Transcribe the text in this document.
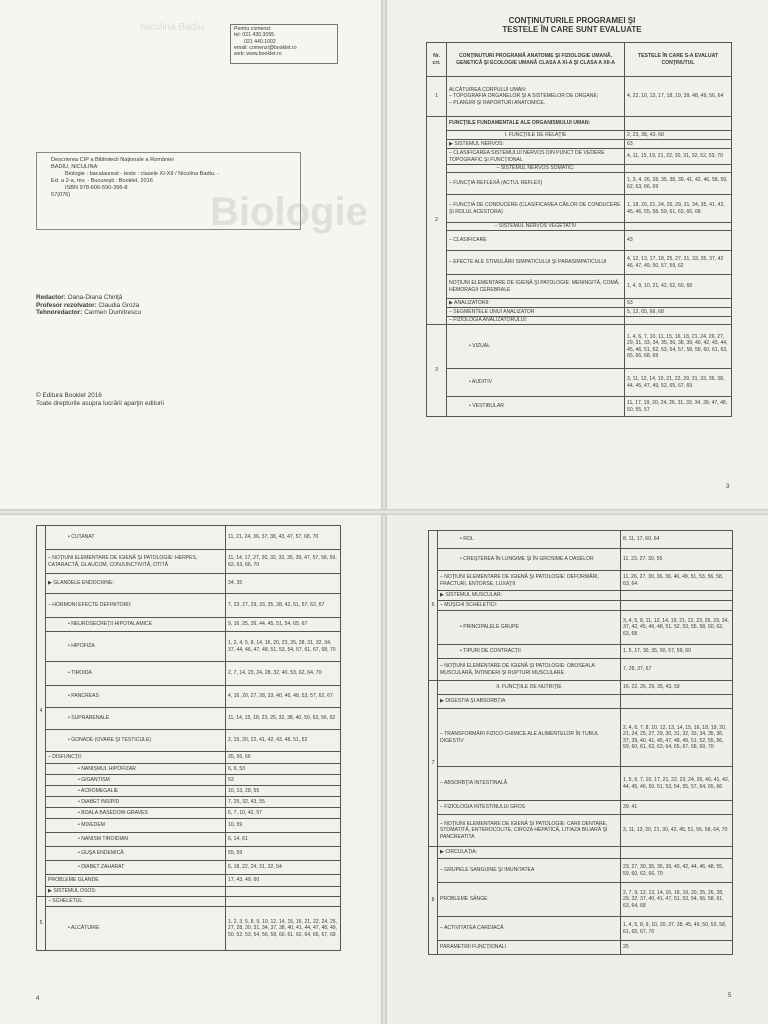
Biologie
Niculina Badiu	Pentru comenzi:
tel: 021 430.3095
021 440.1002
email: comenzi@booklet.ro
web: www.booklet.ro
Descrierea CIP a Bibliotecii Naţionale a României
BADIU, NICULINA
Biologie : bacalaureat - teste : clasele XI-XII / Niculina Badiu. -
Ed. a 2-a, rev. - Bucureşti : Booklet, 2016
ISBN 978-606-590-396-8
57(076)
Redactor: Oana-Diana Chiriţă
Profesor rezolvator: Claudia Groza
Tehnoredactor: Carmen Dumitrescu
© Editura Booklet 2016
Toate drepturile asupra lucrării aparţin editurii
CONŢINUTURILE PROGRAMEI ŞI
TESTELE ÎN CARE SUNT EVALUATE
Nr. crt.	CONŢINUTURI PROGRAMĂ ANATOMIE ŞI FIZIOLOGIE UMANĂ, GENETICĂ ŞI ECOLOGIE UMANĂ CLASA A XI-A ŞI CLASA A XII-A	TESTELE ÎN CARE S-A EVALUAT CONŢINUTUL
1	ALCĂTUIREA CORPULUI UMAN:
– TOPOGRAFIA ORGANELOR ŞI A SISTEMELOR DE ORGANE;
– PLANURI ŞI RAPORTURI ANATOMICE.	4, 22, 10, 13, 17, 18, 19, 39, 48, 49, 56, 64
2	FUNCŢIILE FUNDAMENTALE ALE ORGANISMULUI UMAN:	
	I. FUNCŢIILE DE RELAŢIE	2, 23, 38, 43, 68
	▶ SISTEMUL NERVOS:	63
	– CLASIFICAREA SISTEMULUI NERVOS DIN PUNCT DE VEDERE TOPOGRAFIC ŞI FUNCŢIONAL	4, 11, 15, 19, 21, 22, 30, 31, 32, 52, 53, 70
	– SISTEMUL NERVOS SOMATIC:	
	– FUNCŢIA REFLEXĂ (ACTUL REFLEX)	1, 3, 4, 26, 28, 35, 38, 39, 41, 42, 46, 58, 59, 62, 63, 66, 69
	– FUNCŢIA DE CONDUCERE (CLASIFICAREA CĂILOR DE CONDUCERE ŞI ROLUL ACESTORA)	1, 18, 20, 21, 24, 26, 29, 31, 34, 35, 41, 42, 45, 46, 55, 58, 59, 61, 63, 66, 68
	– SISTEMUL NERVOS VEGETATIV	
	– CLASIFICARE	43
	– EFECTE ALE STIMULĂRII SIMPATICULUI ŞI PARASIMPATICULUI	4, 12, 13, 17, 18, 25, 27, 31, 33, 35, 37, 42 46, 47, 49, 50, 57, 59, 62
	NOŢIUNI ELEMENTARE DE IGIENĂ ŞI PATOLOGIE: MENINGITĂ, COMĂ, HEMORAGII CEREBRALE	1, 4, 9, 10, 21, 42, 52, 60, 68
	▶ ANALIZATORII:	53
	– SEGMENTELE UNUI ANALIZATOR	5, 12, 65, 66, 68
	– FIZIOLOGIA ANALIZATORULUI:	
3	• VIZUAL	1, 4, 6, 7, 10, 11, 15, 16, 18, 21, 24, 26, 27, 29, 31, 33, 34, 35, 36, 38, 39, 40, 42, 43, 44, 45, 46, 51, 52, 53, 54, 57, 58, 59, 60, 61, 63, 65, 66, 68, 69
	• AUDITIV	3, 11, 12, 14, 19, 21, 22, 29, 31, 33, 36, 38, 44, 45, 47, 49, 52, 65, 67, 69
	• VESTIBULAR	11, 17, 19, 20, 24, 26, 31, 33, 34, 39, 47, 48, 50, 55, 57
3
4	• CUTANAT	11, 21, 24, 36, 37, 38, 43, 47, 57, 68, 70
	– NOŢIUNI ELEMENTARE DE IGIENĂ ŞI PATOLOGIE: HERPES, CATARACTĂ, GLAUCOM, CONJUNCTIVITĂ, OTITĂ	11, 14, 17, 27, 30, 32, 33, 35, 39, 47, 57, 58, 59, 62, 63, 66, 70
	▶ GLANDELE ENDOCRINE:	34, 35
	– HORMONI EFECTE DEFINITORII:	7, 23, 27, 29, 33, 35, 38, 42, 51, 57, 62, 67
	• NEUROSECREŢII HIPOTALAMICE	9, 16, 25, 39, 44, 45, 51, 54, 65, 67
	• HIPOFIZA	1, 2, 4, 5, 8, 14, 16, 20, 23, 25, 28, 31, 32, 34, 37, 44, 46, 47, 48, 51, 53, 54, 57, 61, 67, 68, 70
	• TIROIDA	2, 7, 14, 23, 24, 28, 32, 40, 53, 62, 64, 70
	• PANCREAS	4, 16, 20, 27, 28, 33, 40, 46, 48, 53, 57, 62, 67
	• SUPRARENALE	11, 14, 15, 18, 23, 25, 32, 38, 40, 50, 53, 56, 62
	• GONADE (OVARE ŞI TESTICULE)	2, 15, 20, 22, 41, 42, 43, 48, 51, 52
	– DISFUNCŢII:	35, 56, 66
	• NANISMUL HIPOFIZAR	6, 9, 53
	• GIGANTISM	53
	• ACROMEGALIE	10, 13, 28, 55
	• DIABET INSIPID	7, 25, 32, 43, 55
	• BOALA BASEDOW-GRAVES	6, 7, 10, 42, 57
	• MIXEDEM	10, 59
	• NANISM TIROIDIAN	6, 14, 61
	• GUŞA ENDEMICĂ	55, 59
	• DIABET ZAHARAT	6, 18, 22, 24, 31, 32, 54
	PROBLEME GLANDE	17, 43, 49, 60
	▶ SISTEMUL OSOS:	
5	– SCHELETUL:	
	• ALCĂTUIRE	1, 2, 3, 5, 8, 9, 10, 12, 14, 15, 16, 21, 22, 24, 25, 27, 28, 30, 31, 34, 37, 38, 40, 41, 44, 47, 48, 49, 50, 52, 53, 54, 56, 58, 60, 61, 62, 64, 65, 67, 69
4
6	• ROL	8, 11, 17, 60, 64
	• CREŞTEREA ÎN LUNGIME ŞI ÎN GROSIME A OASELOR	11, 23, 27, 30, 55
	– NOŢIUNI ELEMENTARE DE IGIENĂ ŞI PATOLOGIE: DEFORMĂRI, FRACTURI, ENTORSE, LUXAŢII	11, 26, 27, 30, 36, 39, 46, 49, 51, 53, 56, 58, 63, 64
	▶ SISTEMUL MUSCULAR:	
	– MUŞCHI SCHELETICI:	
	• PRINCIPALELE GRUPE	3, 4, 5, 8, 11, 12, 14, 19, 21, 22, 23, 26, 29, 34, 37, 42, 45, 46, 48, 51, 52, 53, 55, 58, 60, 62, 63, 68
	• TIPURI DE CONTRACŢII	1, 5, 17, 30, 35, 50, 57, 59, 60
	– NOŢIUNI ELEMENTARE DE IGIENĂ ŞI PATOLOGIE: OBOSEALA MUSCULARĂ, ÎNTINDERI ŞI RUPTURI MUSCULARE	7, 28, 37, 67
7	II. FUNCŢIILE DE NUTRIŢIE	16, 22, 26, 29, 35, 43, 59
	▶ DIGESTIA ŞI ABSORBŢIA	
	– TRANSFORMĂRI FIZICO-CHIMICE ALE ALIMENTELOR ÎN TUBUL DIGESTIV	2, 4, 6, 7, 8, 10, 12, 13, 14, 15, 16, 18, 19, 20, 21, 24, 25, 27, 29, 30, 31, 32, 33, 34, 35, 36, 37, 39, 40, 41, 45, 47, 48, 49, 51, 52, 55, 56, 59, 60, 61, 62, 63, 64, 65, 67, 68, 69, 70
	– ABSORBŢIA INTESTINALĂ	1, 5, 6, 7, 10, 17, 21, 22, 23, 24, 26, 40, 41, 42, 44, 45, 46, 50, 51, 53, 54, 55, 57, 64, 65, 66
	– FIZIOLOGIA INTESTINULUI GROS	39, 41
	– NOŢIUNI ELEMENTARE DE IGIENĂ ŞI PATOLOGIE: CARII DENTARE, STOMATITĂ, ENTEROCOLITE, CIROZA HEPATICĂ, LITIAZA BILIARĂ ŞI PANCREATITA	3, 11, 13, 20, 21, 30, 42, 45, 51, 56, 58, 64, 70
8	▶ CIRCULAŢIA:	
	– GRUPELE SANGUINE ŞI IMUNITATEA	23, 27, 30, 35, 36, 39, 40, 42, 44, 46, 48, 55, 59, 60, 62, 66, 70
	PROBLEME SÂNGE	2, 7, 9, 12, 13, 14, 16, 18, 19, 20, 25, 26, 28, 29, 32, 37, 40, 41, 47, 51, 53, 54, 56, 58, 61, 63, 64, 68
	– ACTIVITATEA CARDIACĂ	1, 4, 5, 8, 9, 10, 20, 37, 38, 45, 49, 50, 53, 58, 61, 65, 67, 70
	PARAMETRII FUNCŢIONALI	25
5
